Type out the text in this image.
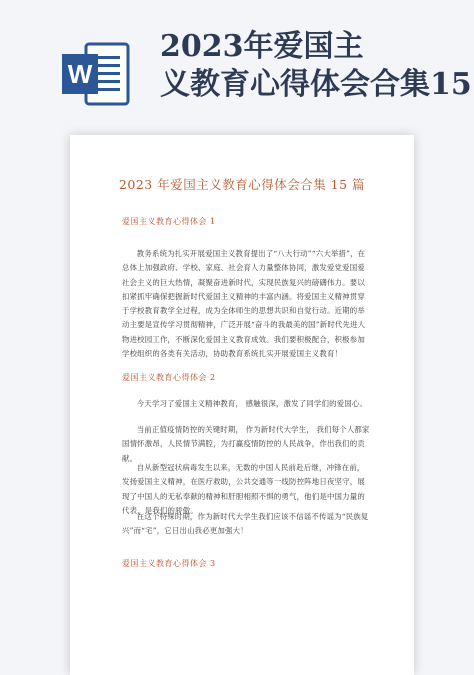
W
2023年爱国主
义教育心得体会合集15
2023 年爱国主义教育心得体会合集 15 篇
爱国主义教育心得体会 1

教务系统为扎实开展爱国主义教育提出了“八大行动”“六大举措”，在总体上加强政府、学校、家庭、社会育人力量整体协同，激发爱党爱国爱社会主义的巨大热情，凝聚奋进新时代，实现民族复兴的磅礴伟力。要以扣紧抓牢确保把握新时代爱国主义精神的丰富内涵。将爱国主义精神贯穿于学校教育教学全过程，成为全体师生的思想共识和自觉行动。近期的举动主要是宣传学习贯彻精神，广泛开展“奋斗的我最美的国”新时代先进人物进校园工作，不断深化爱国主义教育成效。我们要积极配合，积极参加学校组织的各类有关活动，协助教育系统扎实开展爱国主义教育！

爱国主义教育心得体会 2

今天学习了爱国主义精神教育， 感触很深，激发了同学们的爱国心。

当前正值疫情防控的关键时期， 作为新时代大学生， 我们每个人都家国情怀激昂，人民情节满腔，为打赢疫情防控的人民战争，作出我们的贡献。

自从新型冠状病毒发生以来，无数的中国人民前赴后继，冲锋在前，发扬爱国主义精神，在医疗救助，公共交通等一线防控阵地日夜坚守，展现了中国人的无私奉献的精神和肝胆相照不惧的勇气，他们是中国力量的代表，是我们的骄傲。

在这个特殊时期，作为新时代大学生我们应该不信谣不传谣为“民族复兴”而“宅”，它日出山我必更加强大！

爱国主义教育心得体会 3
